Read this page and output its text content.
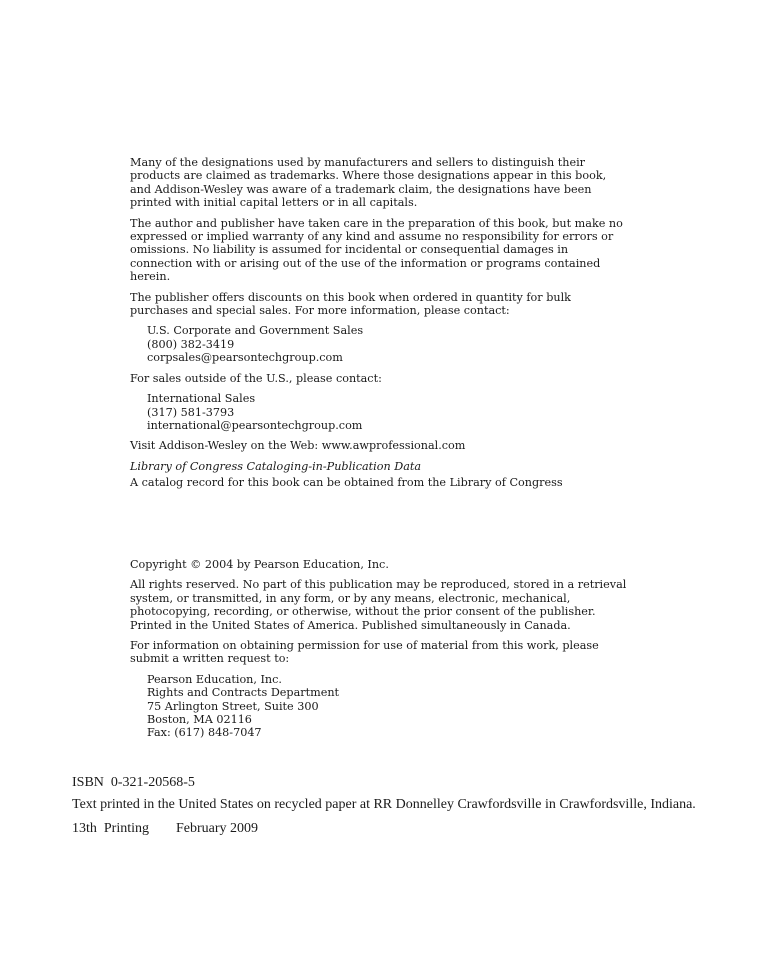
Many of the designations used by manufacturers and sellers to distinguish their products are claimed as trademarks. Where those designations appear in this book, and Addison-Wesley was aware of a trademark claim, the designations have been printed with initial capital letters or in all capitals.

The author and publisher have taken care in the preparation of this book, but make no expressed or implied warranty of any kind and assume no responsibility for errors or omissions. No liability is assumed for incidental or consequential damages in connection with or arising out of the use of the information or programs contained herein.

The publisher offers discounts on this book when ordered in quantity for bulk purchases and special sales. For more information, please contact:

U.S. Corporate and Government Sales
(800) 382-3419
corpsales@pearsontechgroup.com

For sales outside of the U.S., please contact:

International Sales
(317) 581-3793
international@pearsontechgroup.com

Visit Addison-Wesley on the Web: www.awprofessional.com

Library of Congress Cataloging-in-Publication Data

A catalog record for this book can be obtained from the Library of Congress

Copyright © 2004 by Pearson Education, Inc.

All rights reserved. No part of this publication may be reproduced, stored in a retrieval system, or transmitted, in any form, or by any means, electronic, mechanical, photocopying, recording, or otherwise, without the prior consent of the publisher. Printed in the United States of America. Published simultaneously in Canada.

For information on obtaining permission for use of material from this work, please submit a written request to:

Pearson Education, Inc.
Rights and Contracts Department
75 Arlington Street, Suite 300
Boston, MA 02116
Fax: (617) 848-7047
ISBN  0-321-20568-5
Text printed in the United States on recycled paper at RR Donnelley Crawfordsville in Crawfordsville, Indiana.
13th  Printing February 2009
